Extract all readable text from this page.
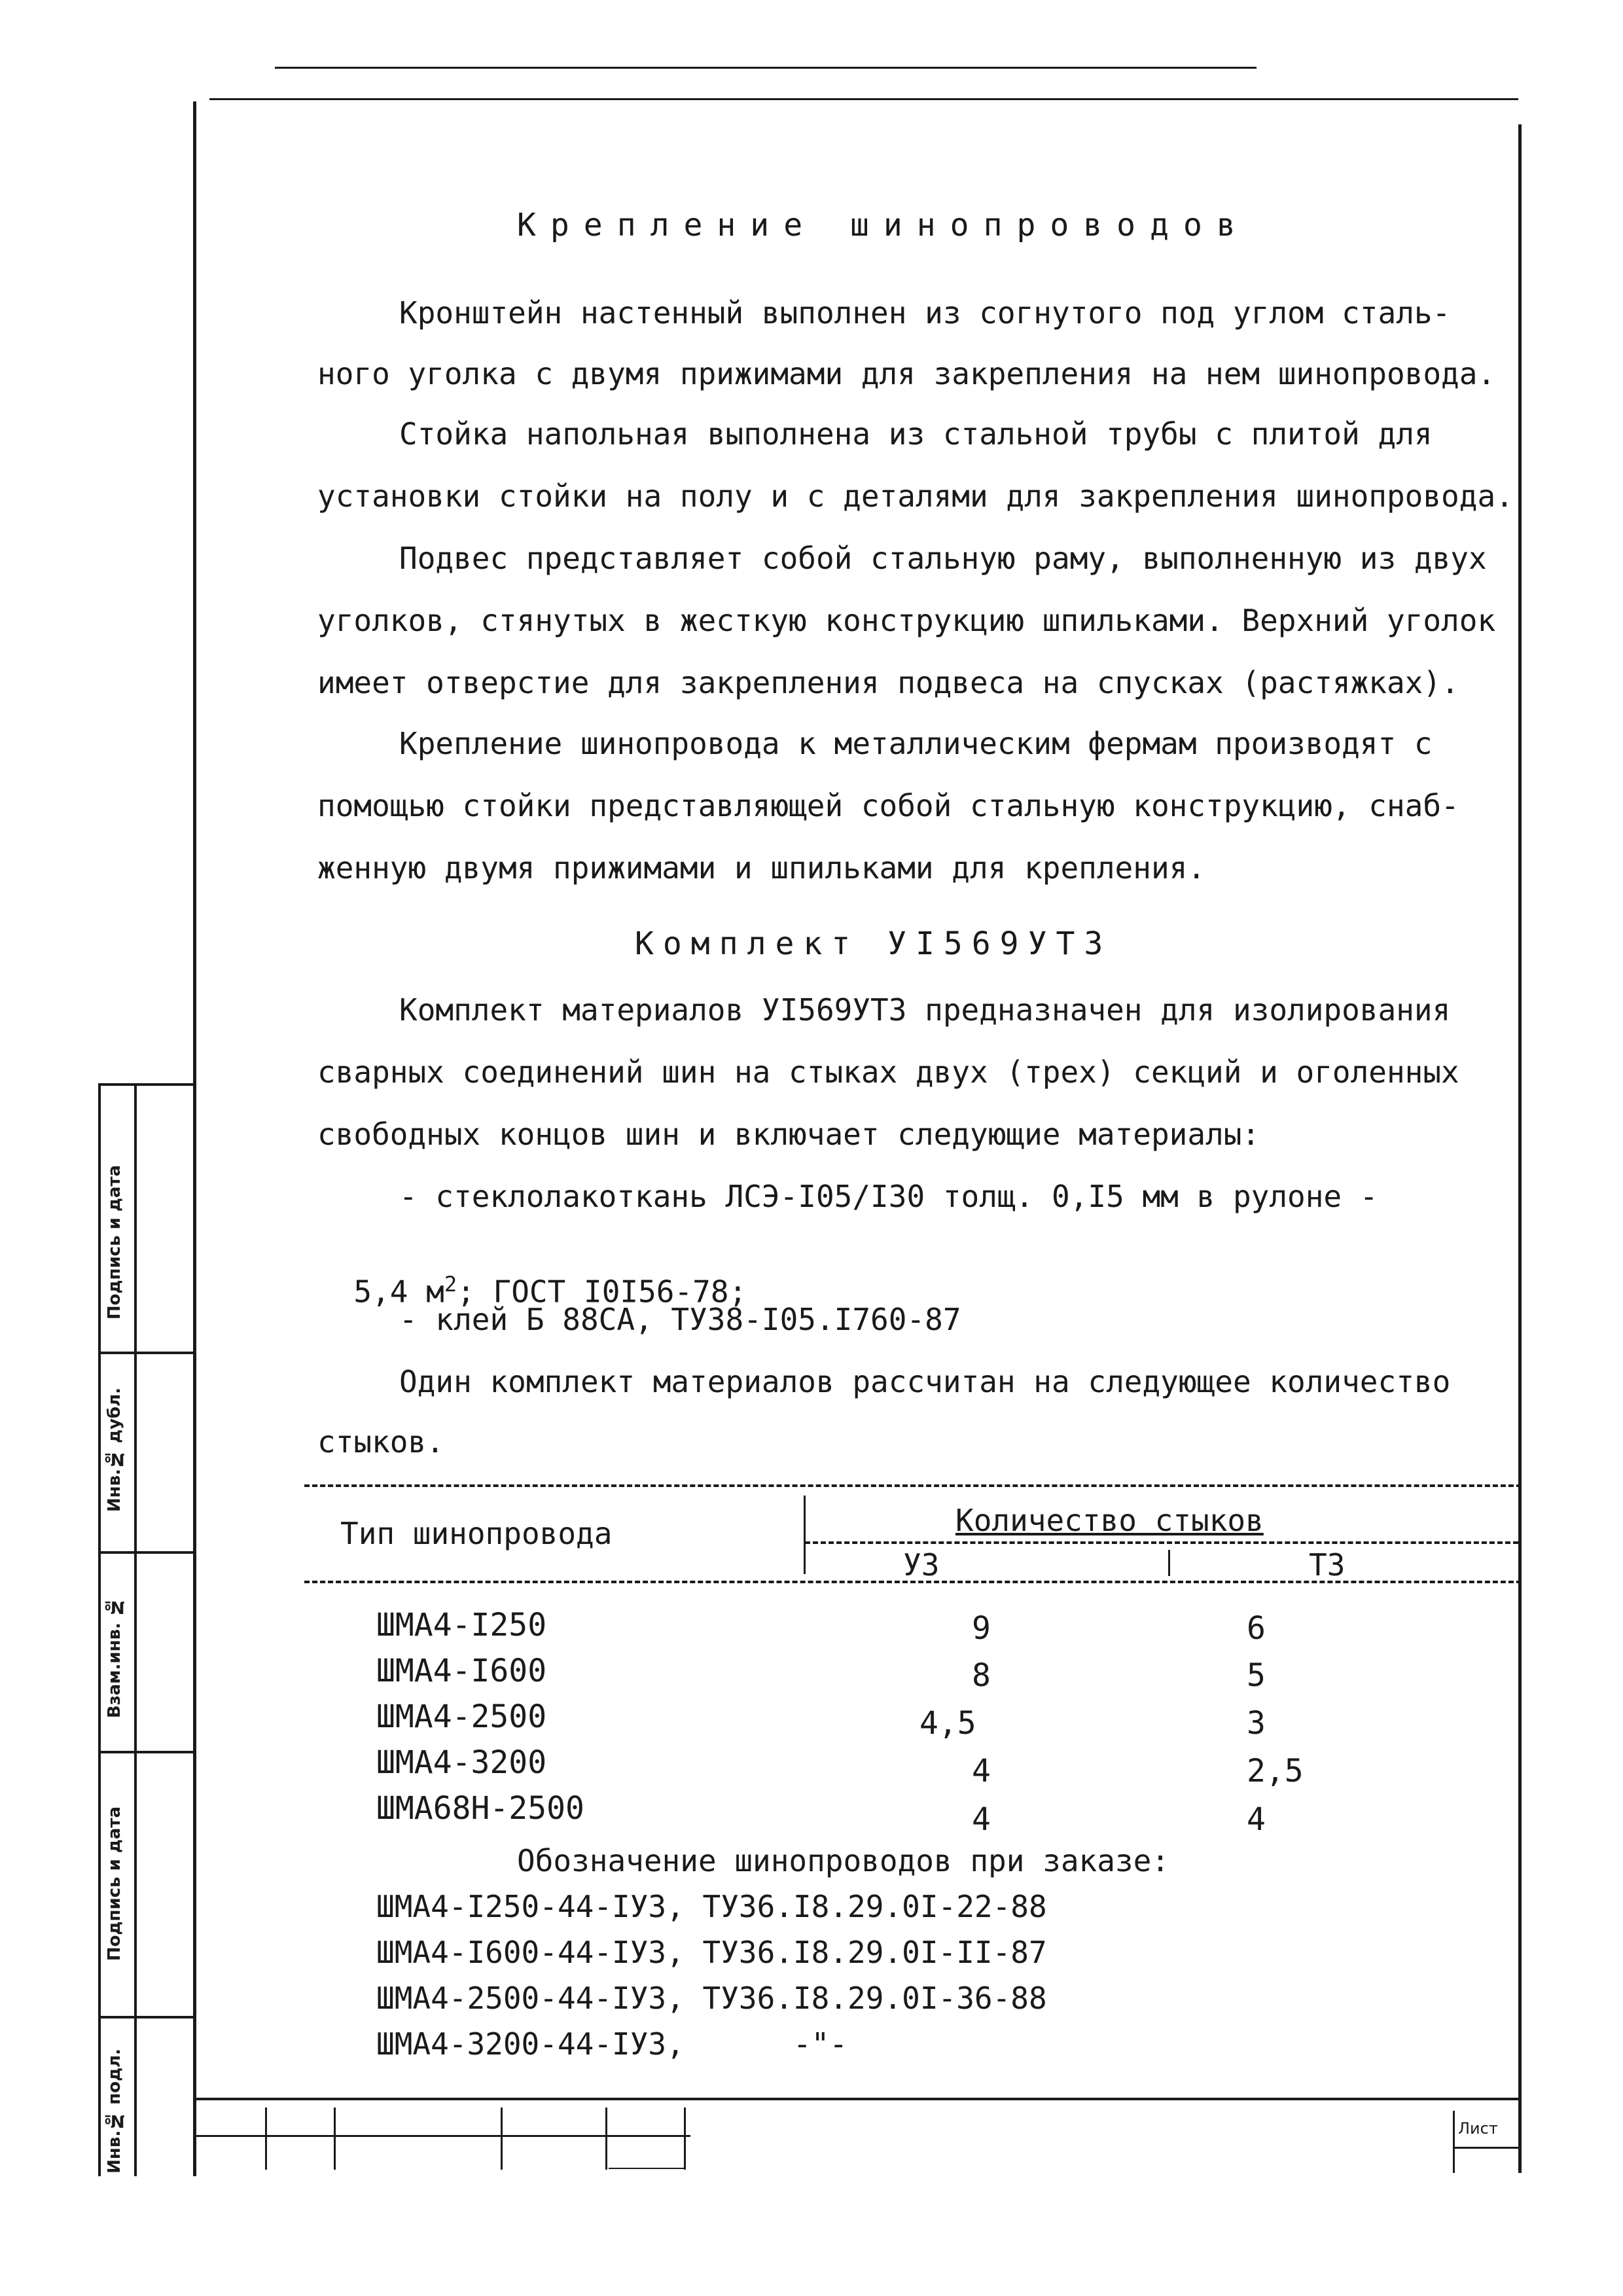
Подпись и дата
Инв.№ дубл.
Взам.инв. №
Подпись и дата
Инв.№ подл.	Лист
Крепление шинопроводов
Кронштейн настенный выполнен из согнутого под углом сталь-
ного уголка с двумя прижимами для закрепления на нем шинопровода.
Стойка напольная выполнена из стальной трубы с плитой для
установки стойки на полу и с деталями для закрепления шинопровода.
Подвес представляет собой стальную раму, выполненную из двух
уголков, стянутых в жесткую конструкцию шпильками. Верхний уголок
имеет отверстие для закрепления подвеса на спусках (растяжках).
Крепление шинопровода к металлическим фермам производят с
помощью стойки представляющей собой стальную конструкцию, снаб-
женную двумя прижимами и шпильками для крепления.
Комплект УI569УТ3
Комплект материалов УI569УТ3 предназначен для изолирования
сварных соединений шин на стыках двух (трех) секций и оголенных
свободных концов шин и включает следующие материалы:
- стеклолакоткань ЛСЭ-I05/I30 толщ. 0,I5 мм в рулоне -

5,4 $м^2$; ГОСТ I0I56-78;

- клей Б 88СА, ТУ38-I05.I760-87
Один комплект материалов рассчитан на следующее количество
стыков.
Тип шинопровода	Количество стыков
У3	Т3
ШМА4-I250	9	6
ШМА4-I600	8	5
ШМА4-2500	4,5	3
ШМА4-3200	4	2,5
ШМА68Н-2500	4	4
Обозначение шинопроводов при заказе:
ШМА4-I250-44-IУ3, ТУ36.I8.29.0I-22-88
ШМА4-I600-44-IУ3, ТУ36.I8.29.0I-II-87
ШМА4-2500-44-IУ3, ТУ36.I8.29.0I-36-88
ШМА4-3200-44-IУ3,      -"-
